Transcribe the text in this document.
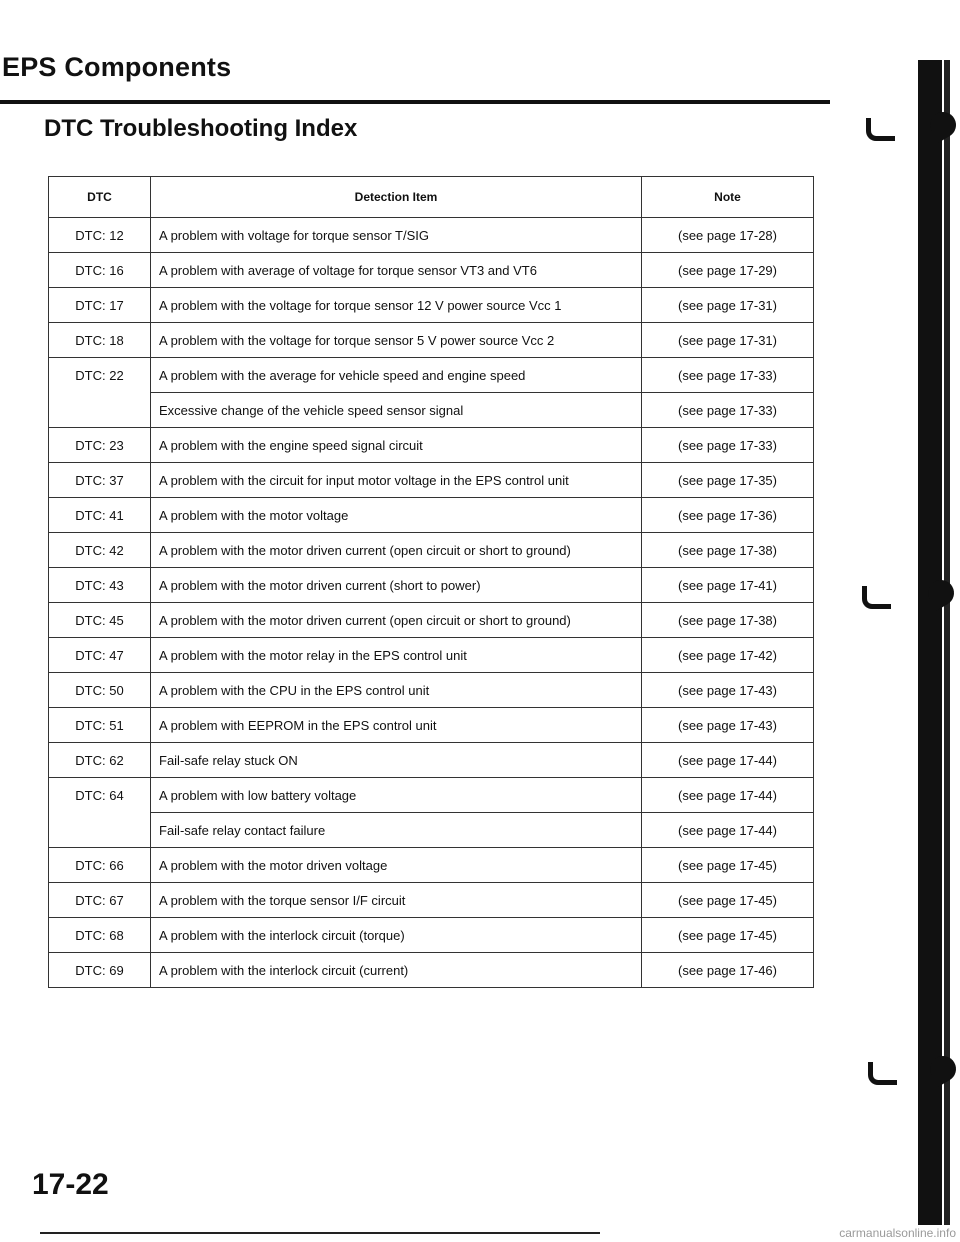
EPS Components
DTC Troubleshooting Index
DTC	Detection Item	Note
DTC: 12	A problem with voltage for torque sensor T/SIG	(see page 17-28)
DTC: 16	A problem with average of voltage for torque sensor VT3 and VT6	(see page 17-29)
DTC: 17	A problem with the voltage for torque sensor 12 V power source Vcc 1	(see page 17-31)
DTC: 18	A problem with the voltage for torque sensor 5 V power source Vcc 2	(see page 17-31)
DTC: 22	A problem with the average for vehicle speed and engine speed	(see page 17-33)
	Excessive change of the vehicle speed sensor signal	(see page 17-33)
DTC: 23	A problem with the engine speed signal circuit	(see page 17-33)
DTC: 37	A problem with the circuit for input motor voltage in the EPS control unit	(see page 17-35)
DTC: 41	A problem with the motor voltage	(see page 17-36)
DTC: 42	A problem with the motor driven current (open circuit or short to ground)	(see page 17-38)
DTC: 43	A problem with the motor driven current (short to power)	(see page 17-41)
DTC: 45	A problem with the motor driven current (open circuit or short to ground)	(see page 17-38)
DTC: 47	A problem with the motor relay in the EPS control unit	(see page 17-42)
DTC: 50	A problem with the CPU in the EPS control unit	(see page 17-43)
DTC: 51	A problem with EEPROM in the EPS control unit	(see page 17-43)
DTC: 62	Fail-safe relay stuck ON	(see page 17-44)
DTC: 64	A problem with low battery voltage	(see page 17-44)
	Fail-safe relay contact failure	(see page 17-44)
DTC: 66	A problem with the motor driven voltage	(see page 17-45)
DTC: 67	A problem with the torque sensor I/F circuit	(see page 17-45)
DTC: 68	A problem with the interlock circuit (torque)	(see page 17-45)
DTC: 69	A problem with the interlock circuit (current)	(see page 17-46)
17-22
carmanualsonline.info
